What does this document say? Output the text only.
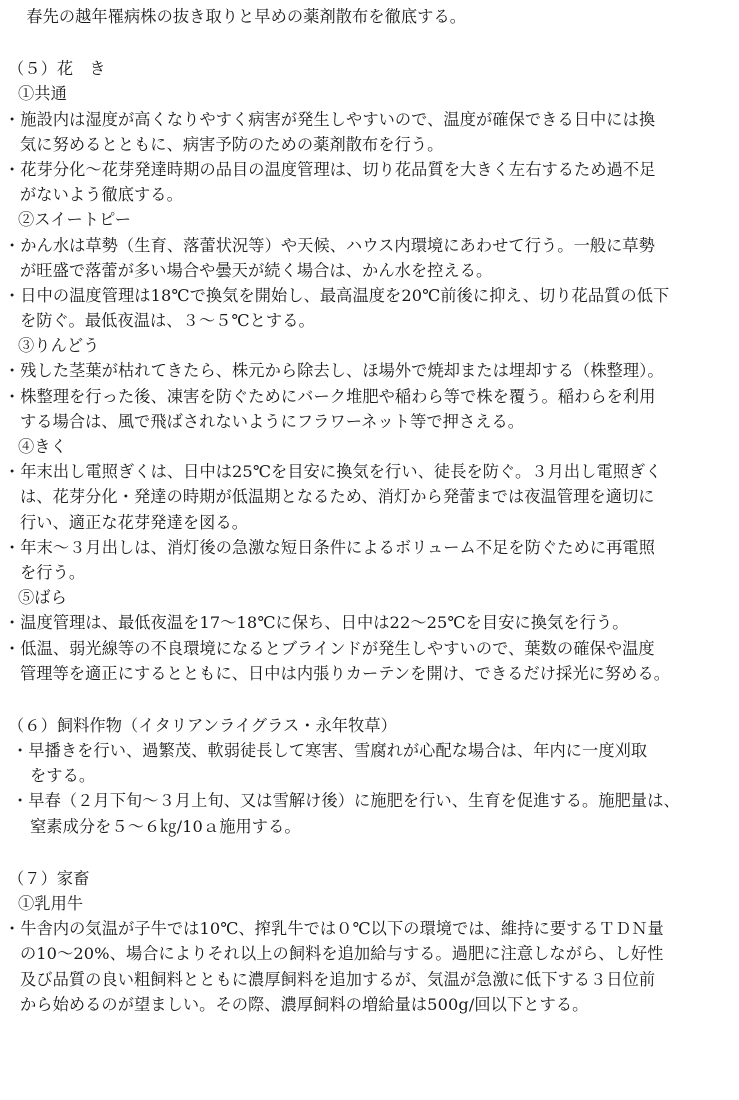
　春先の越年罹病株の抜き取りと早めの薬剤散布を徹底する。
（５）花　き
①共通
・施設内は湿度が高くなりやすく病害が発生しやすいので、温度が確保できる日中には換
気に努めるとともに、病害予防のための薬剤散布を行う。
・花芽分化～花芽発達時期の品目の温度管理は、切り花品質を大きく左右するため過不足
がないよう徹底する。
②スイートピー
・かん水は草勢（生育、落蕾状況等）や天候、ハウス内環境にあわせて行う。一般に草勢
が旺盛で落蕾が多い場合や曇天が続く場合は、かん水を控える。
・日中の温度管理は18℃で換気を開始し、最高温度を20℃前後に抑え、切り花品質の低下
を防ぐ。最低夜温は、３～５℃とする。
③りんどう
・残した茎葉が枯れてきたら、株元から除去し、ほ場外で焼却または埋却する（株整理）。
・株整理を行った後、凍害を防ぐためにバーク堆肥や稲わら等で株を覆う。稲わらを利用
する場合は、風で飛ばされないようにフラワーネット等で押さえる。
④きく
・年末出し電照ぎくは、日中は25℃を目安に換気を行い、徒長を防ぐ。３月出し電照ぎく
は、花芽分化・発達の時期が低温期となるため、消灯から発蕾までは夜温管理を適切に
行い、適正な花芽発達を図る。
・年末～３月出しは、消灯後の急激な短日条件によるボリューム不足を防ぐために再電照
を行う。
⑤ばら
・温度管理は、最低夜温を17～18℃に保ち、日中は22～25℃を目安に換気を行う。
・低温、弱光線等の不良環境になるとブラインドが発生しやすいので、葉数の確保や温度
管理等を適正にするとともに、日中は内張りカーテンを開け、できるだけ採光に努める。
（６）飼料作物（イタリアンライグラス・永年牧草）
・早播きを行い、過繁茂、軟弱徒長して寒害、雪腐れが心配な場合は、年内に一度刈取
をする。
・早春（２月下旬～３月上旬、又は雪解け後）に施肥を行い、生育を促進する。施肥量は、
窒素成分を５～６㎏/10ａ施用する。
（７）家畜
①乳用牛
・牛舎内の気温が子牛では10℃、搾乳牛では０℃以下の環境では、維持に要するＴＤＮ量
の10～20%、場合によりそれ以上の飼料を追加給与する。過肥に注意しながら、し好性
及び品質の良い粗飼料とともに濃厚飼料を追加するが、気温が急激に低下する３日位前
から始めるのが望ましい。その際、濃厚飼料の増給量は500g/回以下とする。
